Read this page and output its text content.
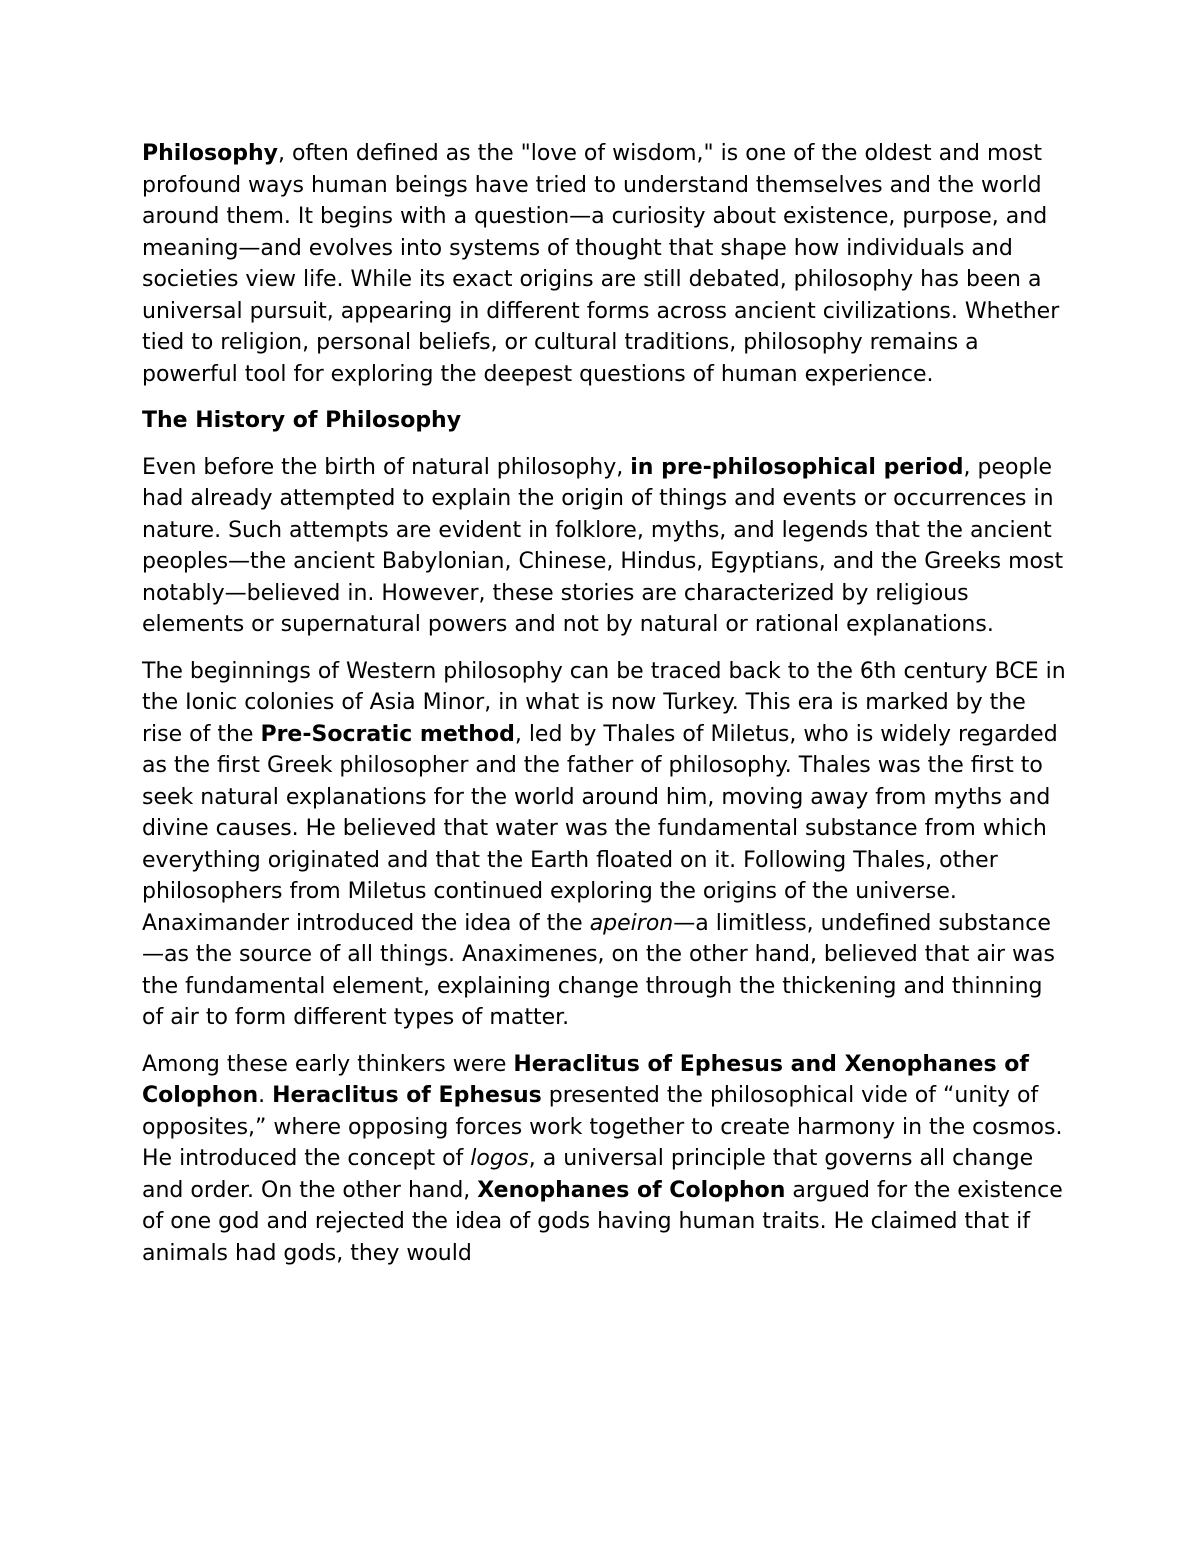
Philosophy, often defined as the "love of wisdom," is one of the oldest and most profound ways human beings have tried to understand themselves and the world around them. It begins with a question—a curiosity about existence, purpose, and meaning—and evolves into systems of thought that shape how individuals and societies view life. While its exact origins are still debated, philosophy has been a universal pursuit, appearing in different forms across ancient civilizations. Whether tied to religion, personal beliefs, or cultural traditions, philosophy remains a powerful tool for exploring the deepest questions of human experience.

The History of Philosophy

Even before the birth of natural philosophy, in pre-philosophical period, people had already attempted to explain the origin of things and events or occurrences in nature. Such attempts are evident in folklore, myths, and legends that the ancient peoples—the ancient Babylonian, Chinese, Hindus, Egyptians, and the Greeks most notably—believed in. However, these stories are characterized by religious elements or supernatural powers and not by natural or rational explanations.

The beginnings of Western philosophy can be traced back to the 6th century BCE in the Ionic colonies of Asia Minor, in what is now Turkey. This era is marked by the rise of the Pre-Socratic method, led by Thales of Miletus, who is widely regarded as the first Greek philosopher and the father of philosophy. Thales was the first to seek natural explanations for the world around him, moving away from myths and divine causes. He believed that water was the fundamental substance from which everything originated and that the Earth floated on it. Following Thales, other philosophers from Miletus continued exploring the origins of the universe. Anaximander introduced the idea of the apeiron—a limitless, undefined substance—as the source of all things. Anaximenes, on the other hand, believed that air was the fundamental element, explaining change through the thickening and thinning of air to form different types of matter.

Among these early thinkers were Heraclitus of Ephesus and Xenophanes of Colophon. Heraclitus of Ephesus presented the philosophical vide of “unity of opposites,” where opposing forces work together to create harmony in the cosmos. He introduced the concept of logos, a universal principle that governs all change and order. On the other hand, Xenophanes of Colophon argued for the existence of one god and rejected the idea of gods having human traits. He claimed that if animals had gods, they would
